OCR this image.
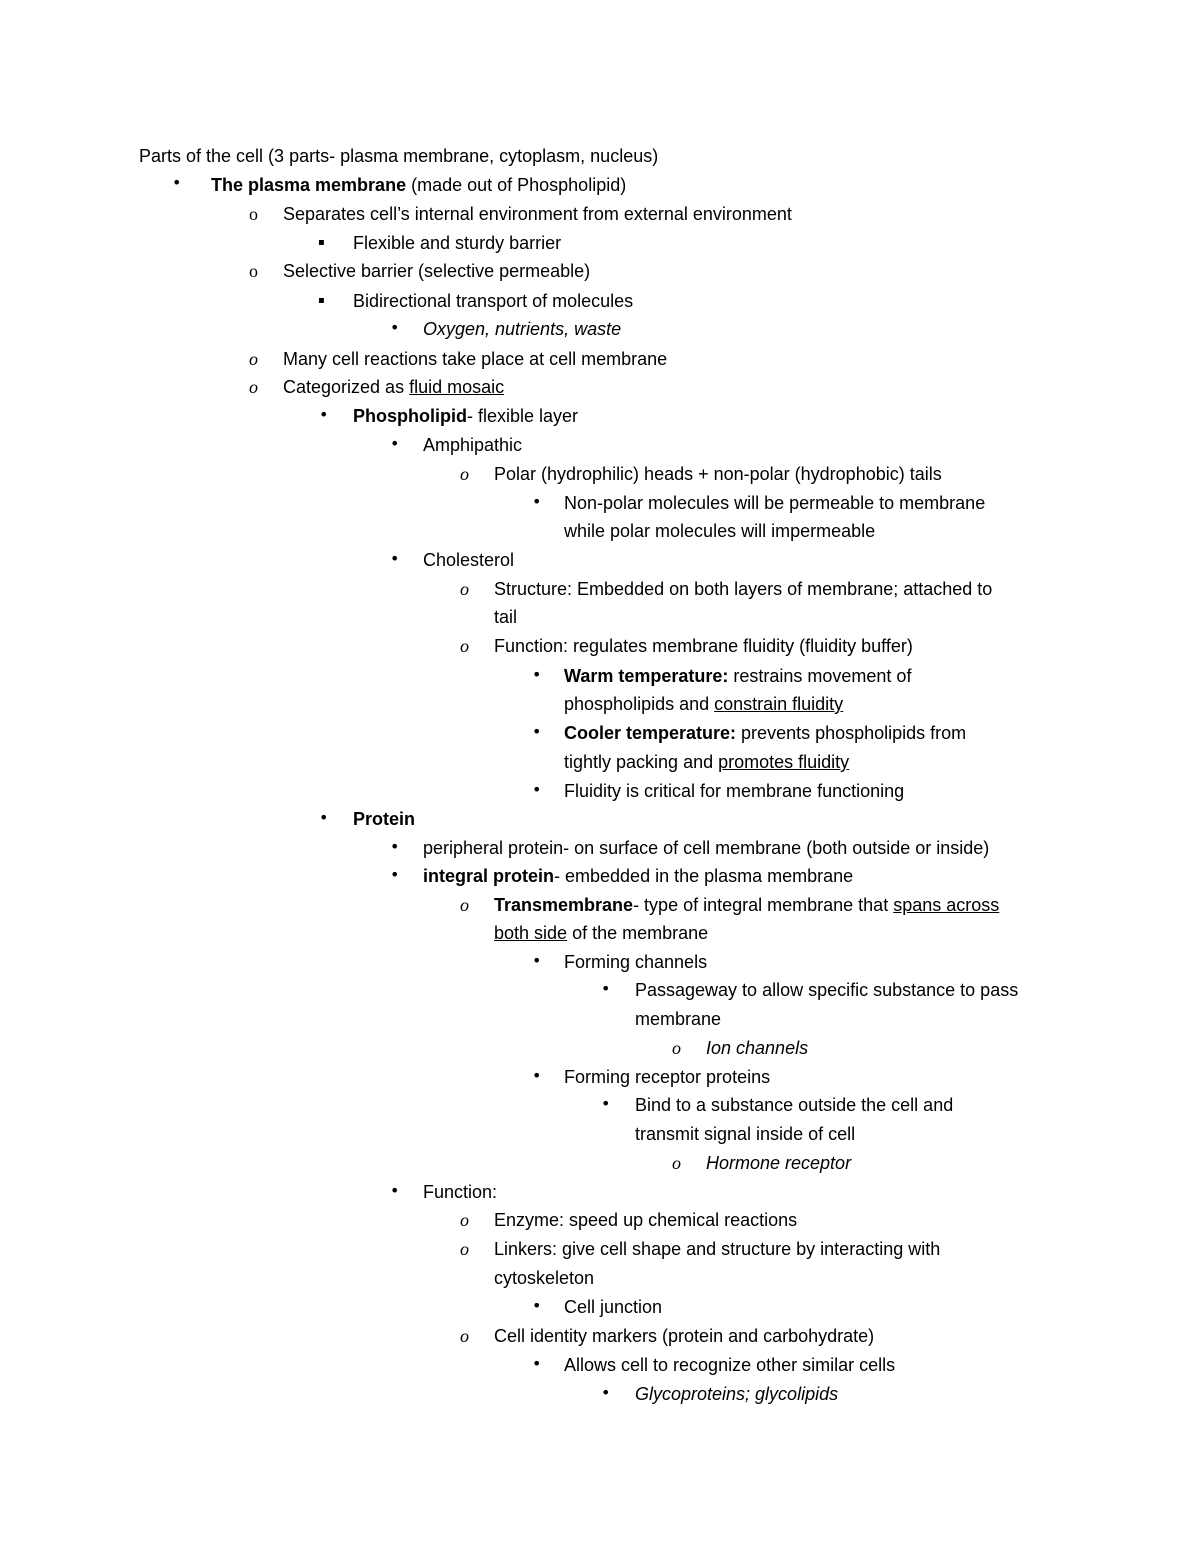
Parts of the cell (3 parts- plasma membrane, cytoplasm, nucleus)
• The plasma membrane (made out of Phospholipid)
o Separates cell’s internal environment from external environment
▪ Flexible and sturdy barrier
o Selective barrier (selective permeable)
▪ Bidirectional transport of molecules
• Oxygen, nutrients, waste
o Many cell reactions take place at cell membrane
o Categorized as fluid mosaic
• Phospholipid- flexible layer
• Amphipathic
o Polar (hydrophilic) heads + non-polar (hydrophobic) tails
• Non-polar molecules will be permeable to membrane
while polar molecules will impermeable
• Cholesterol
o Structure: Embedded on both layers of membrane; attached to
tail
o Function: regulates membrane fluidity (fluidity buffer)
• Warm temperature: restrains movement of
phospholipids and constrain fluidity
• Cooler temperature: prevents phospholipids from
tightly packing and promotes fluidity
• Fluidity is critical for membrane functioning
• Protein
• peripheral protein- on surface of cell membrane (both outside or inside)
• integral protein- embedded in the plasma membrane
o Transmembrane- type of integral membrane that spans across
both side of the membrane
• Forming channels
• Passageway to allow specific substance to pass
membrane
o Ion channels
• Forming receptor proteins
• Bind to a substance outside the cell and
transmit signal inside of cell
o Hormone receptor
• Function:
o Enzyme: speed up chemical reactions
o Linkers: give cell shape and structure by interacting with
cytoskeleton
• Cell junction
o Cell identity markers (protein and carbohydrate)
• Allows cell to recognize other similar cells
• Glycoproteins; glycolipids
